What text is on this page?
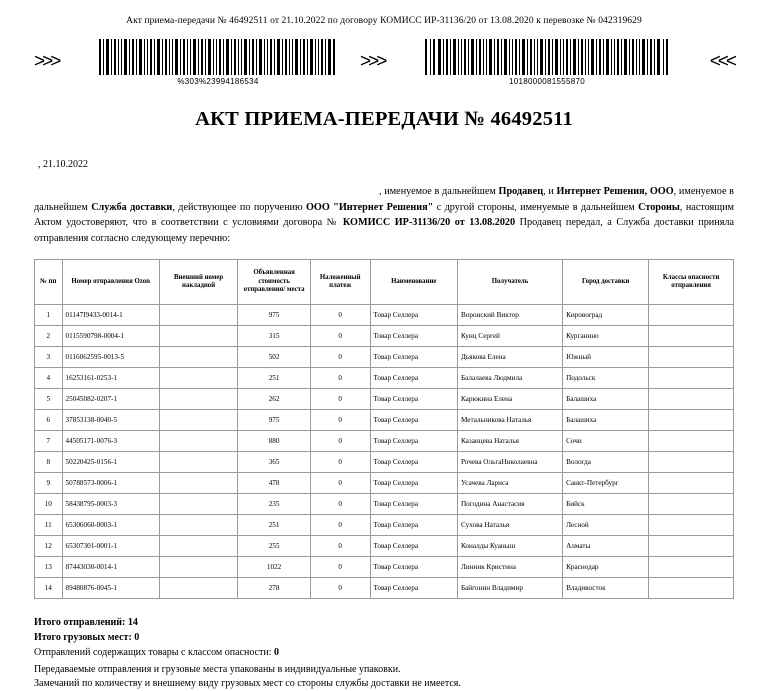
Акт приема-передачи № 46492511 от 21.10.2022 по договору КОМИСС ИР-31136/20 от 13.08.2020 к перевозке № 042319629
>>>
%303%23994186534
>>>
1018000081555870
<<<
АКТ ПРИЕМА-ПЕРЕДАЧИ № 46492511
, 21.10.2022
, именуемое в дальнейшем Продавец, и Интернет Решения, ООО, именуемое в дальнейшем Служба доставки, действующее по поручению ООО "Интернет Решения" с другой стороны, именуемые в дальнейшем Стороны, настоящим Актом удостоверяют, что в соответствии с условиями договора № КОМИСС ИР-31136/20 от 13.08.2020 Продавец передал, а Служба доставки приняла отправления согласно следующему перечню:
№ пп	Номер отправления Ozon	Внешний номер накладной	Объявленная стоимость отправления/ места	Наложенный платеж	Наименование	Получатель	Город доставки	Классы опасности отправления
1	01147I9433-0014-1		975	0	Товар Селлера	Воронский Виктор	Кировоград	
2	0115590798-0004-1		315	0	Товар Селлера	Кунц Сергей	Курганино	
3	0116062595-0013-5		502	0	Товар Селлера	Дьякова Елена	Южный	
4	16253161-0253-1		251	0	Товар Селлера	Балалаева Людмила	Подольск	
5	25045082-0207-1		262	0	Товар Селлера	Карюкина Елена	Балашиха	
6	37853138-0040-5		975	0	Товар Селлера	Метальникова Наталья	Балашиха	
7	44505171-0076-3		880	0	Товар Селлера	Казанцева Наталья	Сочи	
8	50220425-0156-1		365	0	Товар Селлера	Рочева ОльгаНиколаевна	Вологда	
9	50788573-0006-1		478	0	Товар Селлера	Усачева Лариса	Санкт-Петербург	
10	58438795-0003-3		235	0	Товар Селлера	Погодина Анастасия	Бийск	
11	65306060-0003-1		251	0	Товар Селлера	Сухова Наталья	Лесной	
12	65307301-0001-1		255	0	Товар Селлера	Коналды Куаныш	Алматы	
13	87443030-0014-1		1022	0	Товар Селлера	Линник Кристина	Краснодар	
14	89480876-0045-1		278	0	Товар Селлера	Байгонин Владимир	Владивосток	
Итого отправлений: 14
Итого грузовых мест: 0
Отправлений содержащих товары с классом опасности: 0
Передаваемые отправления и грузовые места упакованы в индивидуальные упаковки.
Замечаний по количеству и внешнему виду грузовых мест со стороны службы доставки не имеется.
